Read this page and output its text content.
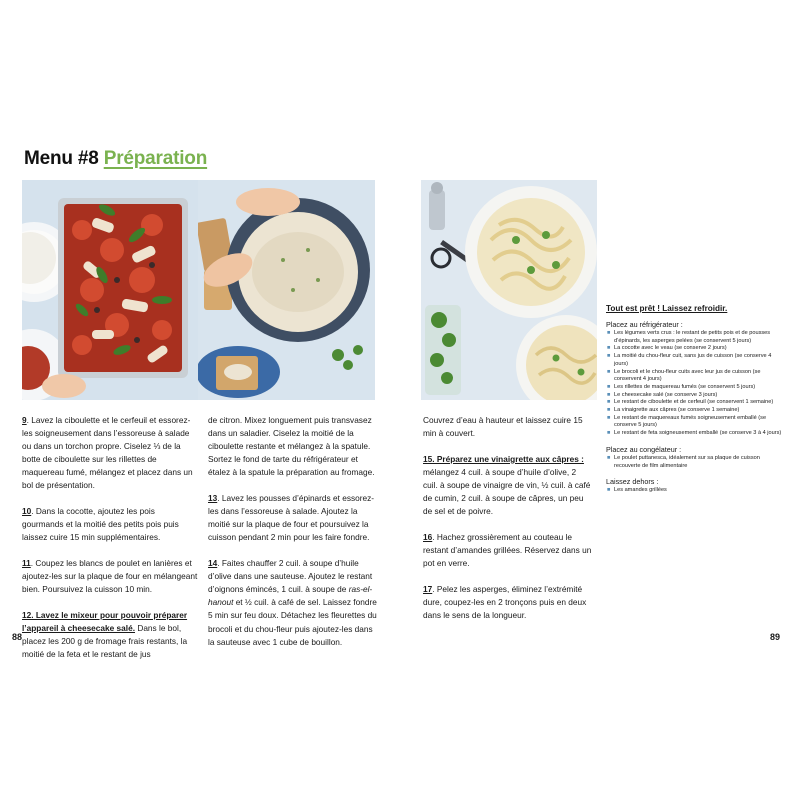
Menu #8 Préparation

9. Lavez la ciboulette et le cerfeuil et essorez-les soigneusement dans l’essoreuse à salade ou dans un torchon propre. Ciselez ⅓ de la botte de ciboulette sur les rillettes de maquereau fumé, mélangez et placez dans un bol de présentation.

10. Dans la cocotte, ajoutez les pois gourmands et la moitié des petits pois puis laissez cuire 15 min supplémentaires.

11. Coupez les blancs de poulet en lanières et ajoutez-les sur la plaque de four en mélangeant bien. Poursuivez la cuisson 10 min.

12. Lavez le mixeur pour pouvoir préparer l’appareil à cheesecake salé. Dans le bol, placez les 200 g de fromage frais restants, la moitié de la feta et le restant de jus

de citron. Mixez longuement puis transvasez dans un saladier. Ciselez la moitié de la ciboulette restante et mélangez à la spatule. Sortez le fond de tarte du réfrigérateur et étalez à la spatule la préparation au fromage.

13. Lavez les pousses d’épinards et essorez-les dans l’essoreuse à salade. Ajoutez la moitié sur la plaque de four et poursuivez la cuisson pendant 2 min pour les faire fondre.

14. Faites chauffer 2 cuil. à soupe d’huile d’olive dans une sauteuse. Ajoutez le restant d’oignons émincés, 1 cuil. à soupe de ras-el-hanout et ½ cuil. à café de sel. Laissez fondre 5 min sur feu doux. Détachez les fleurettes du brocoli et du chou-fleur puis ajoutez-les dans la sauteuse avec 1 cube de bouillon.

Couvrez d’eau à hauteur et laissez cuire 15 min à couvert.

15. Préparez une vinaigrette aux câpres : mélangez 4 cuil. à soupe d’huile d’olive, 2 cuil. à soupe de vinaigre de vin, ½ cuil. à café de cumin, 2 cuil. à soupe de câpres, un peu de sel et de poivre.

16. Hachez grossièrement au couteau le restant d’amandes grillées. Réservez dans un pot en verre.

17. Pelez les asperges, éliminez l’extrémité dure, coupez-les en 2 tronçons puis en deux dans le sens de la longueur.

Tout est prêt ! Laissez refroidir.
Placez au réfrigérateur :
■ Les légumes verts crus : le restant de petits pois et de pousses d’épinards, les asperges pelées (se conservent 5 jours)
■ La cocotte avec le veau (se conserve 2 jours)
■ La moitié du chou-fleur cuit, sans jus de cuisson (se conserve 4 jours)
■ Le brocoli et le chou-fleur cuits avec leur jus de cuisson (se conservent 4 jours)
■ Les rillettes de maquereau fumés (se conservent 5 jours)
■ Le cheesecake salé (se conserve 3 jours)
■ Le restant de ciboulette et de cerfeuil (se conservent 1 semaine)
■ La vinaigrette aux câpres (se conserve 1 semaine)
■ Le restant de maquereaux fumés soigneusement emballé (se conserve 5 jours)
■ Le restant de feta soigneusement emballé (se conserve 3 à 4 jours)
Placez au congélateur :
■ Le poulet puttanesca, idéalement sur sa plaque de cuisson recouverte de film alimentaire
Laissez dehors :
■ Les amandes grillées
88	89
